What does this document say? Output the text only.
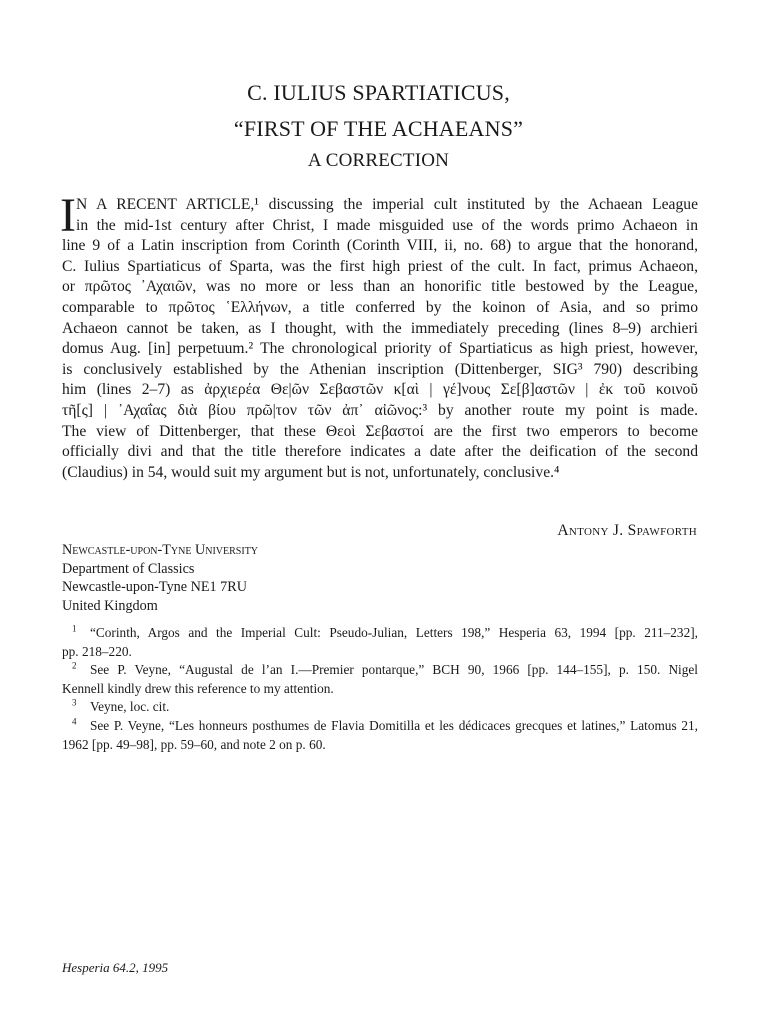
C. IULIUS SPARTIATICUS,
“FIRST OF THE ACHAEANS”
A CORRECTION
I N A RECENT ARTICLE,¹ discussing the imperial cult instituted by the Achaean League
in the mid-1st century after Christ, I made misguided use of the words primo Achaeon in
line 9 of a Latin inscription from Corinth (Corinth VIII, ii, no. 68) to argue that the honorand,
C. Iulius Spartiaticus of Sparta, was the first high priest of the cult. In fact, primus Achaeon,
or πρῶτος ᾿Αχαιῶν, was no more or less than an honorific title bestowed by the League,
comparable to πρῶτος ῾Ελλήνων, a title conferred by the koinon of Asia, and so primo
Achaeon cannot be taken, as I thought, with the immediately preceding (lines 8–9) archieri
domus Aug. [in] perpetuum.² The chronological priority of Spartiaticus as high priest, however,
is conclusively established by the Athenian inscription (Dittenberger, SIG³ 790) describing
him (lines 2–7) as ἀρχιερέα Θε|ῶν Σεβαστῶν κ[αὶ | γέ]νους Σε[β]αστῶν | ἐκ τοῦ κοινοῦ
τῆ[ς] | ᾿Αχαΐας διὰ βίου πρῶ|τον τῶν ἀπ᾿ αἰῶνος:³ by another route my point is made.
The view of Dittenberger, that these Θεοὶ Σεβαστοί are the first two emperors to become
officially divi and that the title therefore indicates a date after the deification of the second
(Claudius) in 54, would suit my argument but is not, unfortunately, conclusive.⁴
Antony J. Spawforth
Newcastle-upon-Tyne University
Department of Classics
Newcastle-upon-Tyne NE1 7RU
United Kingdom
$^1$ “Corinth, Argos and the Imperial Cult: Pseudo-Julian, Letters 198,” Hesperia 63, 1994 [pp. 211–232],
pp. 218–220.
$^2$ See P. Veyne, “Augustal de l’an I.—Premier pontarque,” BCH 90, 1966 [pp. 144–155], p. 150. Nigel
Kennell kindly drew this reference to my attention.
$^3$ Veyne, loc. cit.
$^4$ See P. Veyne, “Les honneurs posthumes de Flavia Domitilla et les dédicaces grecques et latines,” Latomus 21,
1962 [pp. 49–98], pp. 59–60, and note 2 on p. 60.
Hesperia 64.2, 1995
